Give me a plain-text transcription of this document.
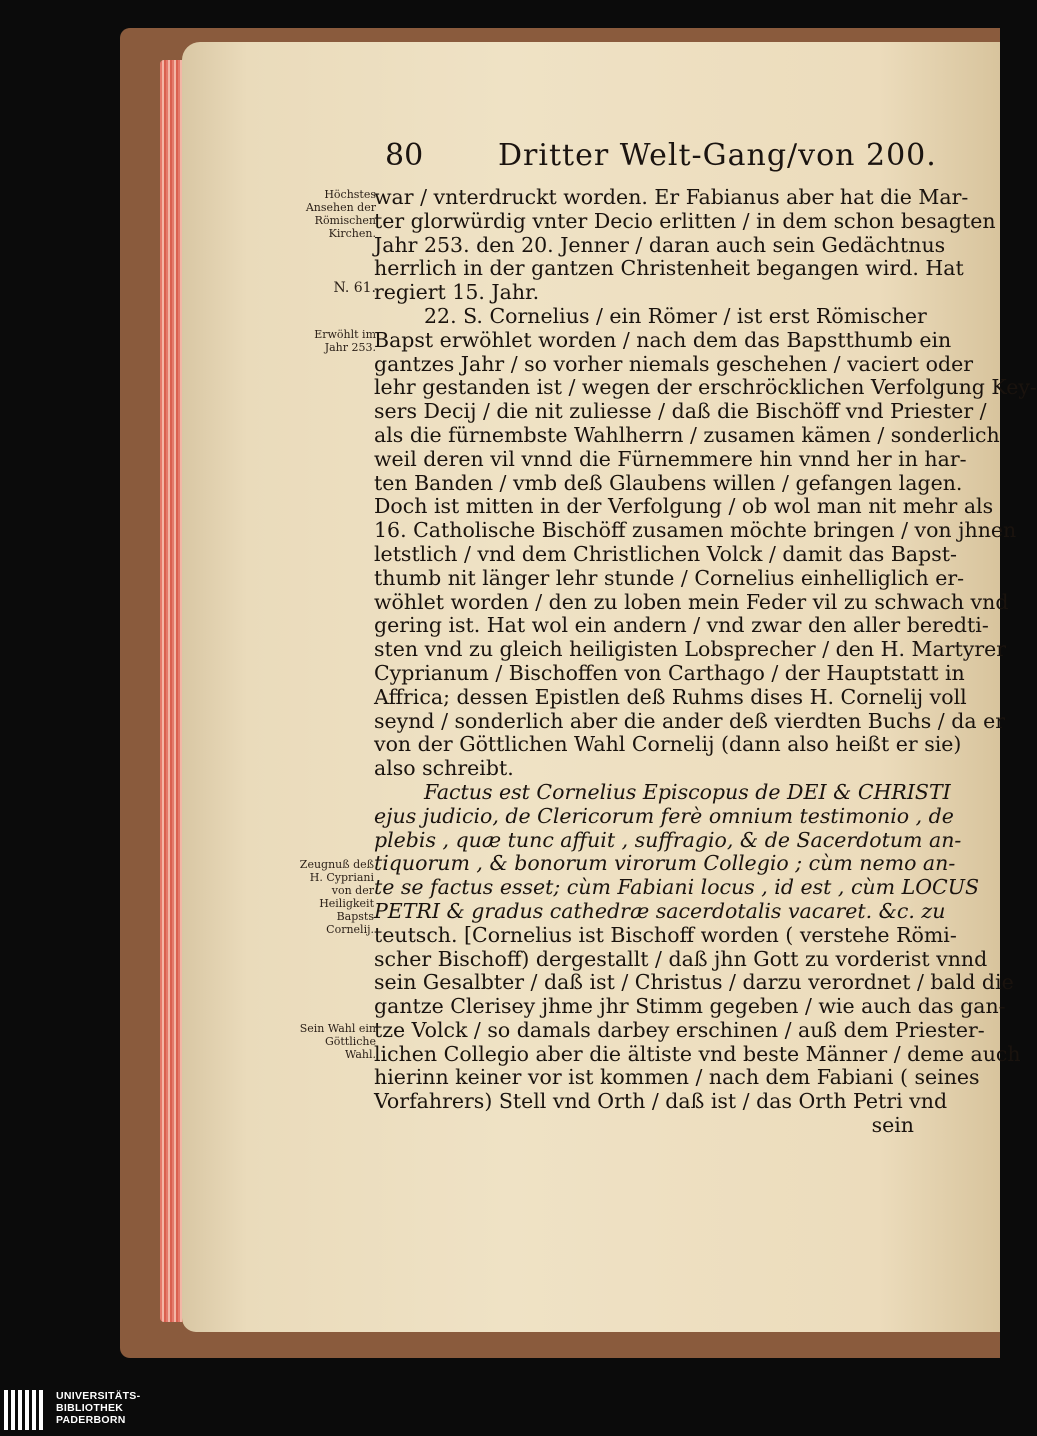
80 Dritter Welt-Gang/von 200.
Höchstes Ansehen der Römischen Kirchen.
N. 61.
Erwöhlt im Jahr 253.
Zeugnuß deß H. Cypriani von der Heiligkeit Bapsts Cornelij.
Sein Wahl ein Göttliche Wahl.
war / vnterdruckt worden. Er Fabianus aber hat die Mar-
ter glorwürdig vnter Decio erlitten / in dem schon besagten
Jahr 253. den 20. Jenner / daran auch sein Gedächtnus
herrlich in der gantzen Christenheit begangen wird. Hat
regiert 15. Jahr.
22. S. Cornelius / ein Römer / ist erst Römischer
Bapst erwöhlet worden / nach dem das Bapstthumb ein
gantzes Jahr / so vorher niemals geschehen / vaciert oder
lehr gestanden ist / wegen der erschröcklichen Verfolgung Key-
sers Decij / die nit zuliesse / daß die Bischöff vnd Priester /
als die fürnembste Wahlherrn / zusamen kämen / sonderlich
weil deren vil vnnd die Fürnemmere hin vnnd her in har-
ten Banden / vmb deß Glaubens willen / gefangen lagen.
Doch ist mitten in der Verfolgung / ob wol man nit mehr als
16. Catholische Bischöff zusamen möchte bringen / von jhnen
letstlich / vnd dem Christlichen Volck / damit das Bapst-
thumb nit länger lehr stunde / Cornelius einhelliglich er-
wöhlet worden / den zu loben mein Feder vil zu schwach vnd
gering ist. Hat wol ein andern / vnd zwar den aller beredti-
sten vnd zu gleich heiligisten Lobsprecher / den H. Martyrer
Cyprianum / Bischoffen von Carthago / der Hauptstatt in
Affrica; dessen Epistlen deß Ruhms dises H. Cornelij voll
seynd / sonderlich aber die ander deß vierdten Buchs / da er
von der Göttlichen Wahl Cornelij (dann also heißt er sie)
also schreibt.
Factus est Cornelius Episcopus de DEI & CHRISTI
ejus judicio, de Clericorum ferè omnium testimonio , de
plebis , quæ tunc affuit , suffragio, & de Sacerdotum an-
tiquorum , & bonorum virorum Collegio ; cùm nemo an-
te se factus esset; cùm Fabiani locus , id est , cùm LOCUS
PETRI & gradus cathedræ sacerdotalis vacaret. &c. zu
teutsch. [Cornelius ist Bischoff worden ( verstehe Römi-
scher Bischoff) dergestallt / daß jhn Gott zu vorderist vnnd
sein Gesalbter / daß ist / Christus / darzu verordnet / bald die
gantze Clerisey jhme jhr Stimm gegeben / wie auch das gan-
tze Volck / so damals darbey erschinen / auß dem Priester-
lichen Collegio aber die ältiste vnd beste Männer / deme auch
hierinn keiner vor ist kommen / nach dem Fabiani ( seines
Vorfahrers) Stell vnd Orth / daß ist / das Orth Petri vnd
sein
UNIVERSITÄTS-
BIBLIOTHEK
PADERBORN
